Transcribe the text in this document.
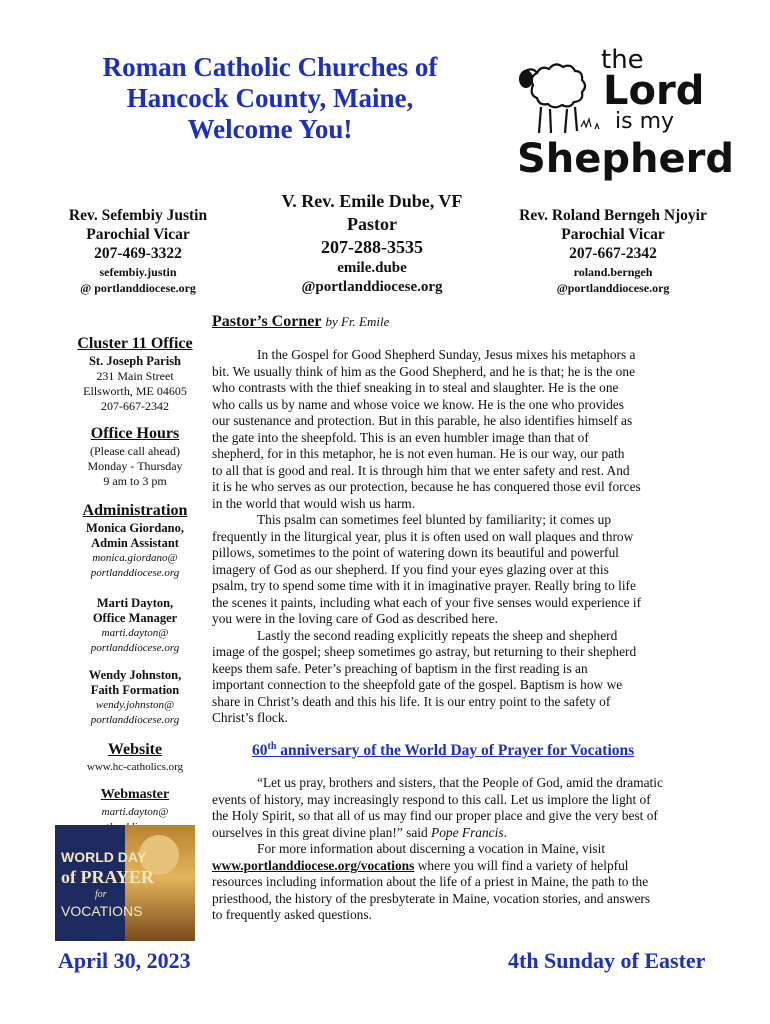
Roman Catholic Churches of
Hancock County, Maine,
Welcome You!
the
Lord
is my
Shepherd
Rev. Sefembiy Justin
Parochial Vicar
207-469-3322
sefembiy.justin
@ portlanddiocese.org
V. Rev. Emile Dube, VF
Pastor
207-288-3535
emile.dube
@portlanddiocese.org
Rev. Roland Berngeh Njoyir
Parochial Vicar
207-667-2342
roland.berngeh
@portlanddiocese.org
Cluster 11 Office
St. Joseph Parish
231 Main Street
Ellsworth, ME 04605
207-667-2342
Office Hours
(Please call ahead)
Monday - Thursday
9 am to 3 pm
Administration
Monica Giordano,
Admin Assistant
monica.giordano@
portlanddiocese.org
Marti Dayton,
Office Manager
marti.dayton@
portlanddiocese.org
Wendy Johnston,
Faith Formation
wendy.johnston@
portlanddiocese.org
Website
www.hc-catholics.org
Webmaster
marti.dayton@
WORLD DAY
of PRAYER
for
VOCATIONS
Pastor’s Corner by Fr. Emile
In the Gospel for Good Shepherd Sunday, Jesus mixes his metaphors a
bit. We usually think of him as the Good Shepherd, and he is that; he is the one
who contrasts with the thief sneaking in to steal and slaughter. He is the one
who calls us by name and whose voice we know. He is the one who provides
our sustenance and protection. But in this parable, he also identifies himself as
the gate into the sheepfold. This is an even humbler image than that of
shepherd, for in this metaphor, he is not even human. He is our way, our path
to all that is good and real. It is through him that we enter safety and rest. And
it is he who serves as our protection, because he has conquered those evil forces
in the world that would wish us harm.
This psalm can sometimes feel blunted by familiarity; it comes up
frequently in the liturgical year, plus it is often used on wall plaques and throw
pillows, sometimes to the point of watering down its beautiful and powerful
imagery of God as our shepherd. If you find your eyes glazing over at this
psalm, try to spend some time with it in imaginative prayer. Really bring to life
the scenes it paints, including what each of your five senses would experience if
you were in the loving care of God as described here.
Lastly the second reading explicitly repeats the sheep and shepherd
image of the gospel; sheep sometimes go astray, but returning to their shepherd
keeps them safe. Peter’s preaching of baptism in the first reading is an
important connection to the sheepfold gate of the gospel. Baptism is how we
share in Christ’s death and this his life. It is our entry point to the safety of
Christ’s flock.
60th anniversary of the World Day of Prayer for Vocations
“Let us pray, brothers and sisters, that the People of God, amid the dramatic
events of history, may increasingly respond to this call. Let us implore the light of
the Holy Spirit, so that all of us may find our proper place and give the very best of
ourselves in this great divine plan!” said Pope Francis.
For more information about discerning a vocation in Maine, visit
www.portlanddiocese.org/vocations where you will find a variety of helpful
resources including information about the life of a priest in Maine, the path to the
priesthood, the history of the presbyterate in Maine, vocation stories, and answers
to frequently asked questions.
April 30, 2023	4th Sunday of Easter
